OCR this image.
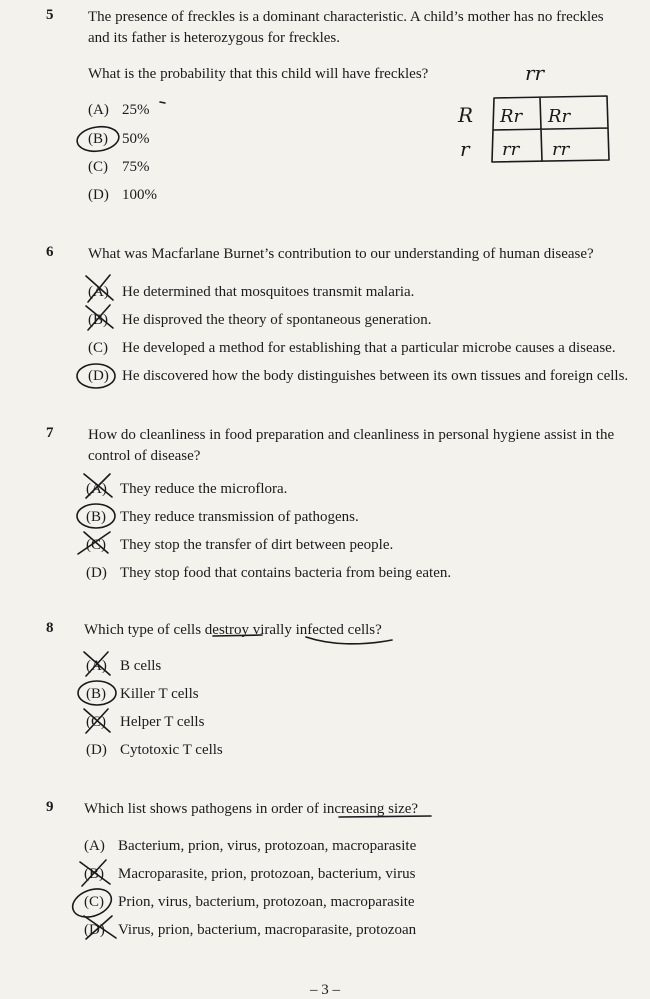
5 The presence of freckles is a dominant characteristic. A child’s mother has no freckles
and its father is heterozygous for freckles.
What is the probability that this child will have freckles?
(A) 25%
(B) 50%
(C) 75%
(D) 100%
6 What was Macfarlane Burnet’s contribution to our understanding of human disease?
(A) He determined that mosquitoes transmit malaria.
(B) He disproved the theory of spontaneous generation.
(C) He developed a method for establishing that a particular microbe causes a disease.
(D) He discovered how the body distinguishes between its own tissues and foreign cells.
7 How do cleanliness in food preparation and cleanliness in personal hygiene assist in the
control of disease?
(A) They reduce the microflora.
(B) They reduce transmission of pathogens.
(C) They stop the transfer of dirt between people.
(D) They stop food that contains bacteria from being eaten.
8 Which type of cells destroy virally infected cells?
(A) B cells
(B) Killer T cells
(C) Helper T cells
(D) Cytotoxic T cells
9 Which list shows pathogens in order of increasing size?
(A) Bacterium, prion, virus, protozoan, macroparasite
(B) Macroparasite, prion, protozoan, bacterium, virus
(C) Prion, virus, bacterium, protozoan, macroparasite
(D) Virus, prion, bacterium, macroparasite, protozoan
– 3 –
rr
R
r
Rr Rr
rr rr
